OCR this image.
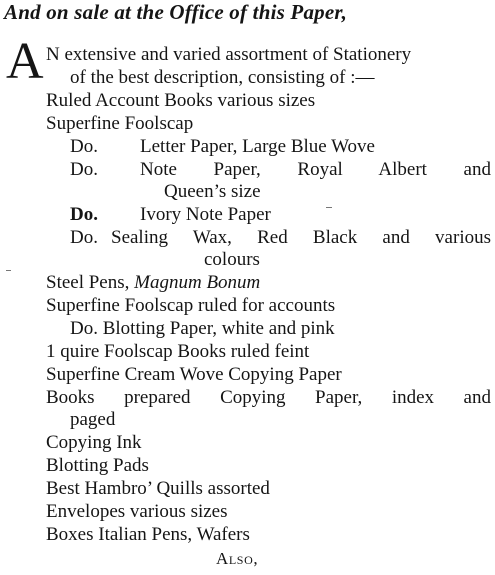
And on sale at the Office of this Paper,
A N extensive and varied assortment of Stationery
of the best description, consisting of :—
Ruled Account Books various sizes
Superfine Foolscap
Do. Letter Paper, Large Blue Wove
Do. Note Paper, Royal Albert and
Queen’s size
Do. Ivory Note Paper
Do. Sealing Wax, Red Black and various
colours
Steel Pens, Magnum Bonum
Superfine Foolscap ruled for accounts
Do. Blotting Paper, white and pink
1 quire Foolscap Books ruled feint
Superfine Cream Wove Copying Paper
Books prepared Copying Paper, index and
paged
Copying Ink
Blotting Pads
Best Hambro’ Quills assorted
Envelopes various sizes
Boxes Italian Pens, Wafers
Also,
